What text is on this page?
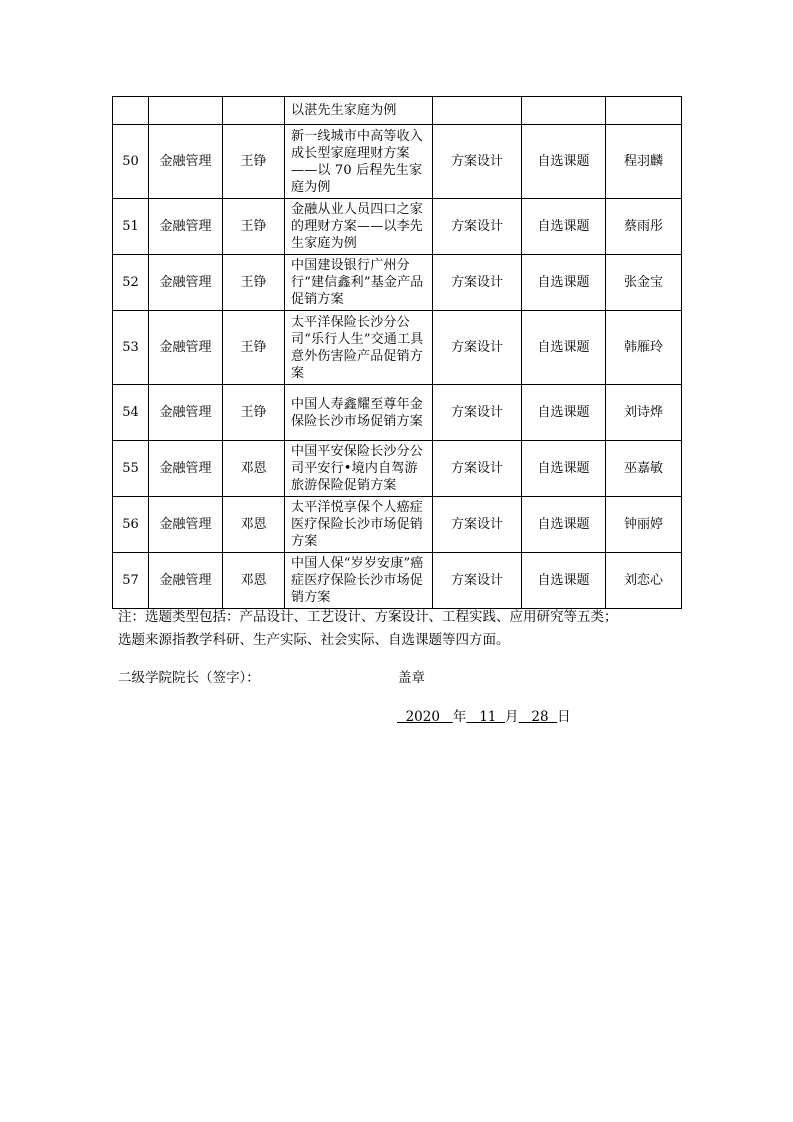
			以湛先生家庭为例			
50	金融管理	王铮	新一线城市中高等收入成长型家庭理财方案——以 70 后程先生家庭为例	方案设计	自选课题	程羽麟
51	金融管理	王铮	金融从业人员四口之家的理财方案——以李先生家庭为例	方案设计	自选课题	蔡雨彤
52	金融管理	王铮	中国建设银行广州分行“建信鑫利”基金产品促销方案	方案设计	自选课题	张金宝
53	金融管理	王铮	太平洋保险长沙分公司“乐行人生”交通工具意外伤害险产品促销方案	方案设计	自选课题	韩雁玲
54	金融管理	王铮	中国人寿鑫耀至尊年金保险长沙市场促销方案	方案设计	自选课题	刘诗烨
55	金融管理	邓恩	中国平安保险长沙分公司平安行•境内自驾游旅游保险促销方案	方案设计	自选课题	巫嘉敏
56	金融管理	邓恩	太平洋悦享保个人癌症医疗保险长沙市场促销方案	方案设计	自选课题	钟丽婷
57	金融管理	邓恩	中国人保“岁岁安康”癌症医疗保险长沙市场促销方案	方案设计	自选课题	刘恋心
注：选题类型包括：产品设计、工艺设计、方案设计、工程实践、应用研究等五类；
选题来源指教学科研、生产实际、社会实际、自选课题等四方面。
二级学院院长（签字）：	盖章
2020 年 11 月 28 日
